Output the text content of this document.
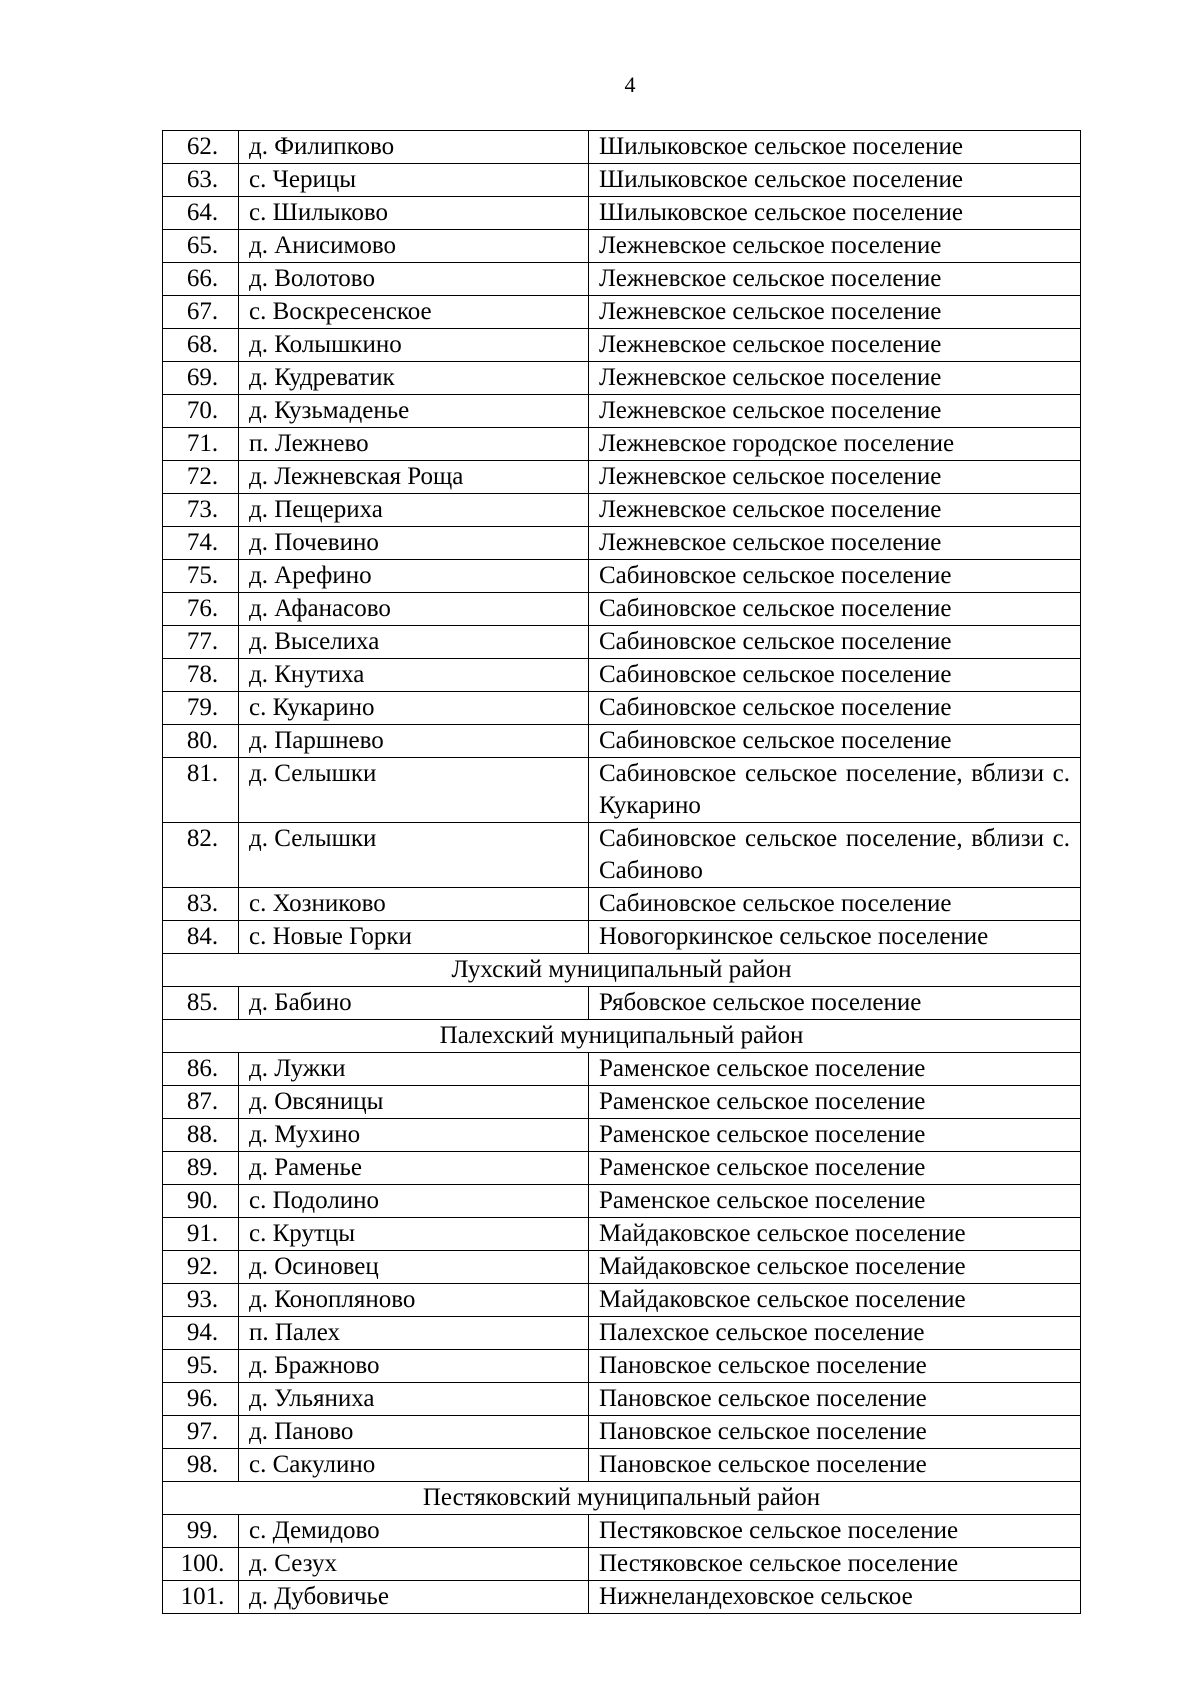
4
62.	д. Филипково	Шилыковское сельское поселение
63.	с. Черицы	Шилыковское сельское поселение
64.	с. Шилыково	Шилыковское сельское поселение
65.	д. Анисимово	Лежневское сельское поселение
66.	д. Волотово	Лежневское сельское поселение
67.	с. Воскресенское	Лежневское сельское поселение
68.	д. Колышкино	Лежневское сельское поселение
69.	д. Кудреватик	Лежневское сельское поселение
70.	д. Кузьмаденье	Лежневское сельское поселение
71.	п. Лежнево	Лежневское городское поселение
72.	д. Лежневская Роща	Лежневское сельское поселение
73.	д. Пещериха	Лежневское сельское поселение
74.	д. Почевино	Лежневское сельское поселение
75.	д. Арефино	Сабиновское сельское поселение
76.	д. Афанасово	Сабиновское сельское поселение
77.	д. Выселиха	Сабиновское сельское поселение
78.	д. Кнутиха	Сабиновское сельское поселение
79.	с. Кукарино	Сабиновское сельское поселение
80.	д. Паршнево	Сабиновское сельское поселение
81.	д. Селышки	Сабиновское сельское поселение, вблизи с. Кукарино
82.	д. Селышки	Сабиновское сельское поселение, вблизи с. Сабиново
83.	с. Хозниково	Сабиновское сельское поселение
84.	с. Новые Горки	Новогоркинское сельское поселение
Лухский муниципальный район		
85.	д. Бабино	Рябовское сельское поселение
Палехский муниципальный район		
86.	д. Лужки	Раменское сельское поселение
87.	д. Овсяницы	Раменское сельское поселение
88.	д. Мухино	Раменское сельское поселение
89.	д. Раменье	Раменское сельское поселение
90.	с. Подолино	Раменское сельское поселение
91.	с. Крутцы	Майдаковское сельское поселение
92.	д. Осиновец	Майдаковское сельское поселение
93.	д. Конопляново	Майдаковское сельское поселение
94.	п. Палех	Палехское сельское поселение
95.	д. Бражново	Пановское сельское поселение
96.	д. Ульяниха	Пановское сельское поселение
97.	д. Паново	Пановское сельское поселение
98.	с. Сакулино	Пановское сельское поселение
Пестяковский муниципальный район		
99.	с. Демидово	Пестяковское сельское поселение
100.	д. Сезух	Пестяковское сельское поселение
101.	д. Дубовичье	Нижнеландеховское сельское
